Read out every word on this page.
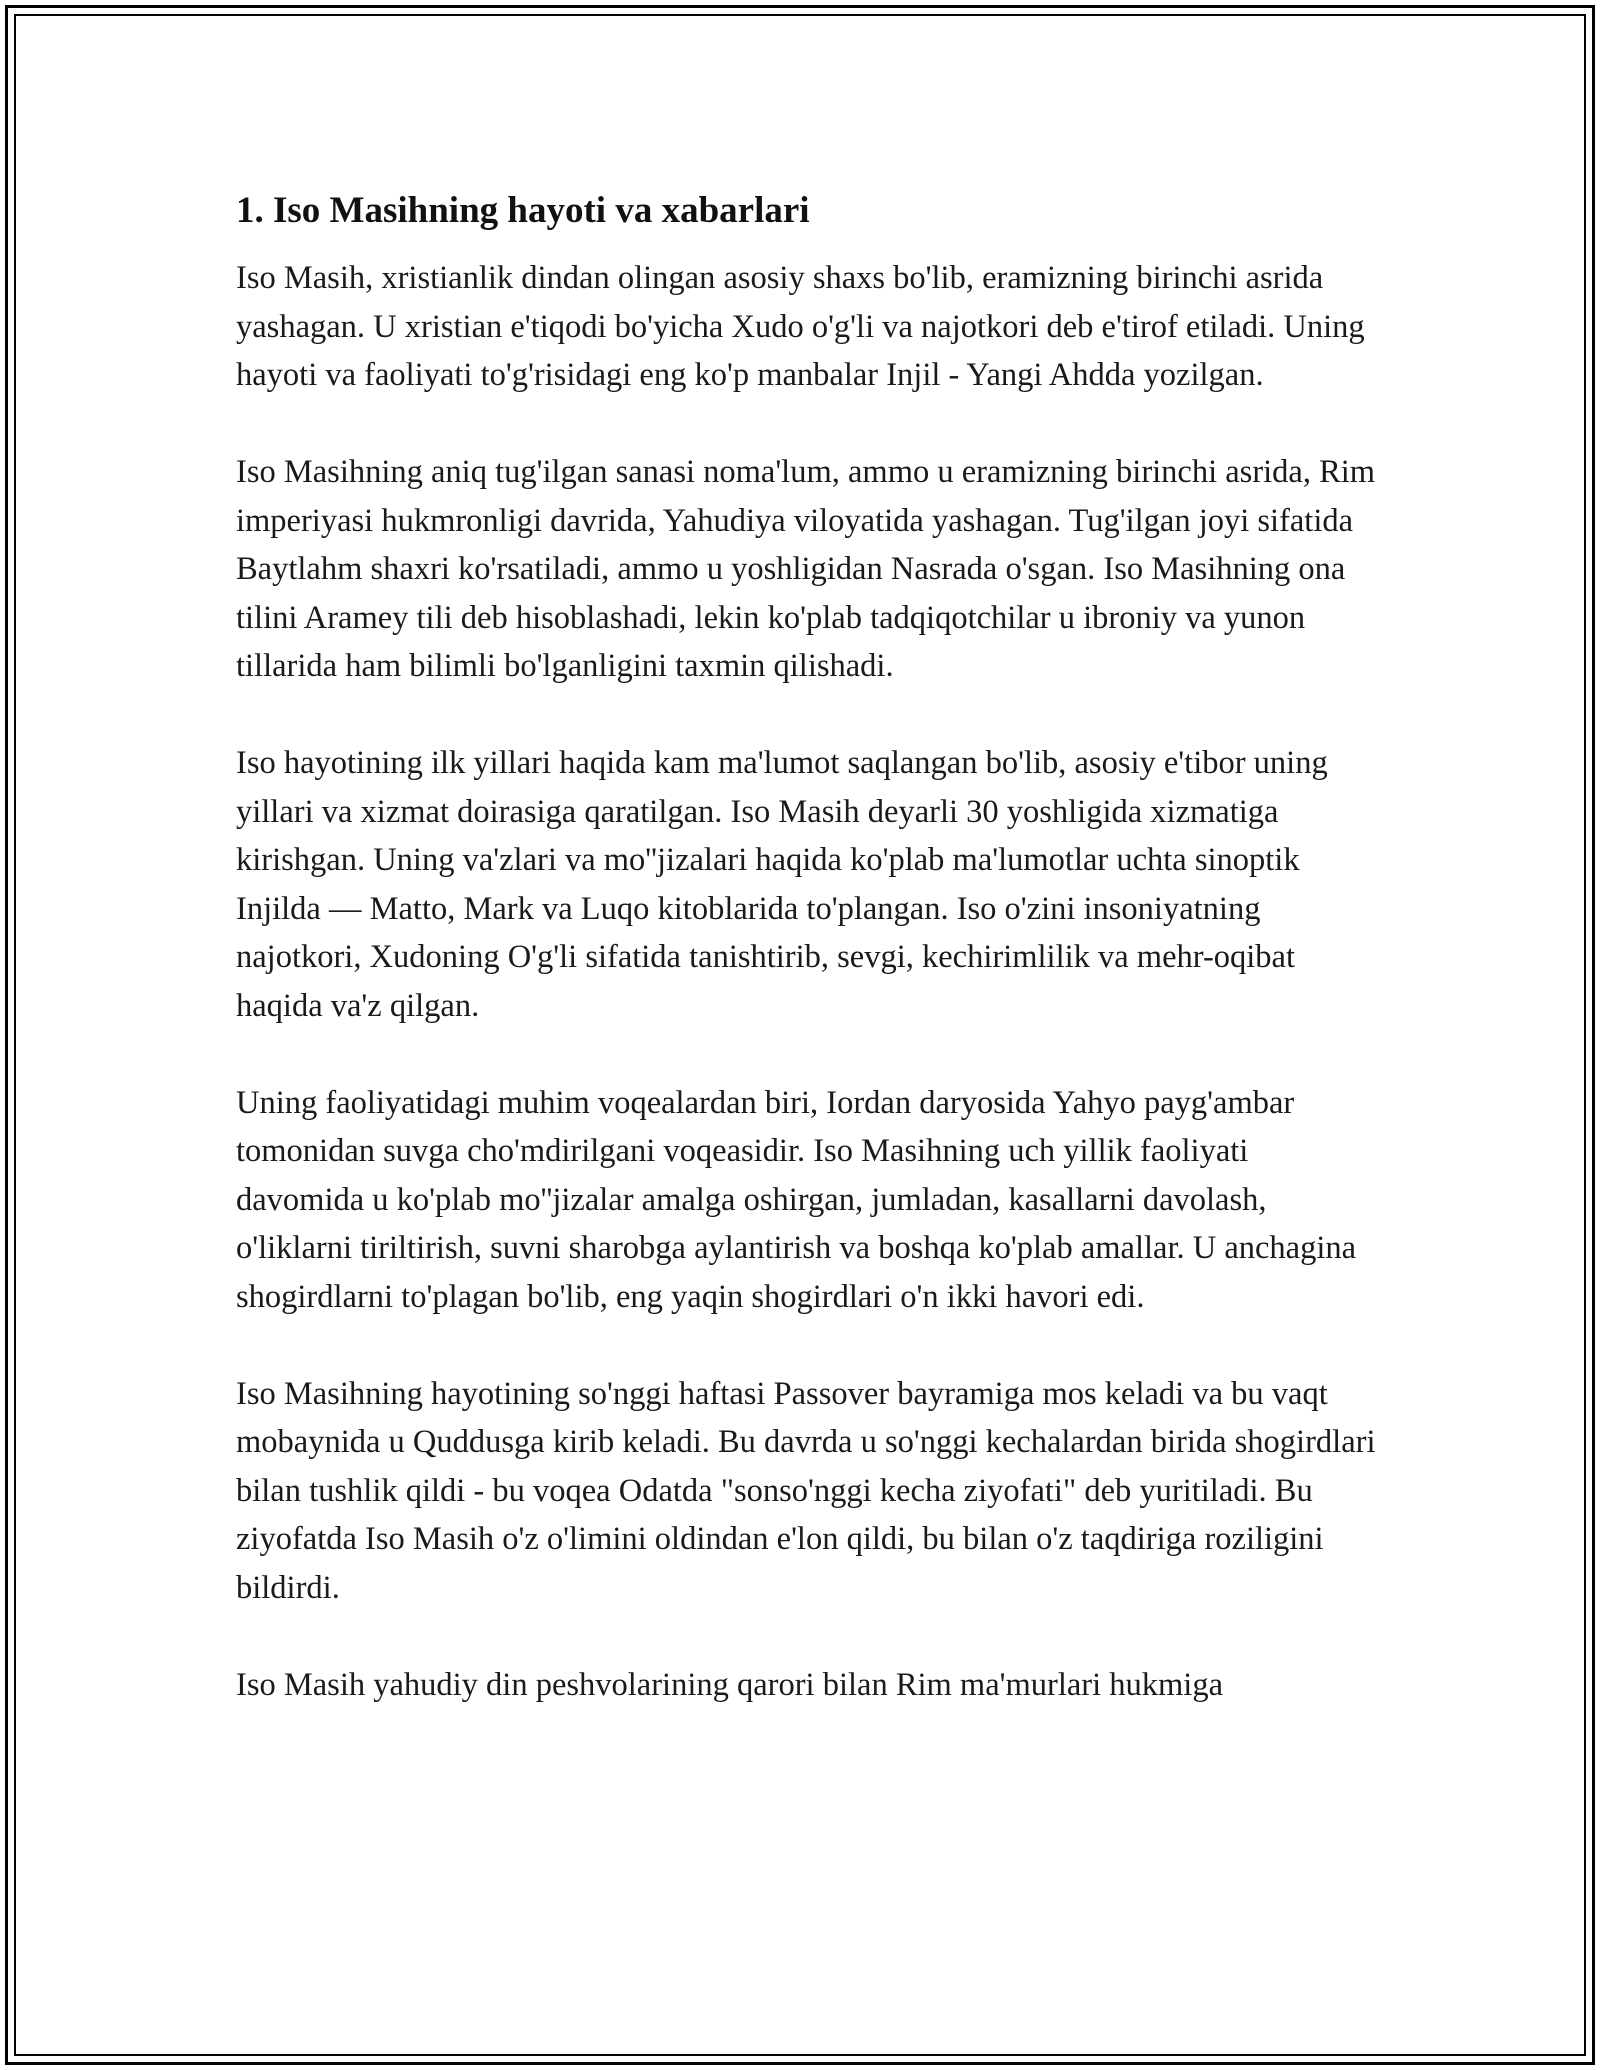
1. Iso Masihning hayoti va xabarlari

Iso Masih, xristianlik dindan olingan asosiy shaxs bo'lib, eramizning birinchi asrida yashagan. U xristian e'tiqodi bo'yicha Xudo o'g'li va najotkori deb e'tirof etiladi. Uning hayoti va faoliyati to'g'risidagi eng ko'p manbalar Injil - Yangi Ahdda yozilgan.

Iso Masihning aniq tug'ilgan sanasi noma'lum, ammo u eramizning birinchi asrida, Rim imperiyasi hukmronligi davrida, Yahudiya viloyatida yashagan. Tug'ilgan joyi sifatida Baytlahm shaxri ko'rsatiladi, ammo u yoshligidan Nasrada o'sgan. Iso Masihning ona tilini Aramey tili deb hisoblashadi, lekin ko'plab tadqiqotchilar u ibroniy va yunon tillarida ham bilimli bo'lganligini taxmin qilishadi.

Iso hayotining ilk yillari haqida kam ma'lumot saqlangan bo'lib, asosiy e'tibor uning yillari va xizmat doirasiga qaratilgan. Iso Masih deyarli 30 yoshligida xizmatiga kirishgan. Uning va'zlari va mo''jizalari haqida ko'plab ma'lumotlar uchta sinoptik Injilda — Matto, Mark va Luqo kitoblarida to'plangan. Iso o'zini insoniyatning najotkori, Xudoning O'g'li sifatida tanishtirib, sevgi, kechirimlilik va mehr-oqibat haqida va'z qilgan.

Uning faoliyatidagi muhim voqealardan biri, Iordan daryosida Yahyo payg'ambar tomonidan suvga cho'mdirilgani voqeasidir. Iso Masihning uch yillik faoliyati davomida u ko'plab mo''jizalar amalga oshirgan, jumladan, kasallarni davolash, o'liklarni tiriltirish, suvni sharobga aylantirish va boshqa ko'plab amallar. U anchagina shogirdlarni to'plagan bo'lib, eng yaqin shogirdlari o'n ikki havori edi.

Iso Masihning hayotining so'nggi haftasi Passover bayramiga mos keladi va bu vaqt mobaynida u Quddusga kirib keladi. Bu davrda u so'nggi kechalardan birida shogirdlari bilan tushlik qildi - bu voqea Odatda "sonso'nggi kecha ziyofati" deb yuritiladi. Bu ziyofatda Iso Masih o'z o'limini oldindan e'lon qildi, bu bilan o'z taqdiriga roziligini bildirdi.

Iso Masih yahudiy din peshvolarining qarori bilan Rim ma'murlari hukmiga
